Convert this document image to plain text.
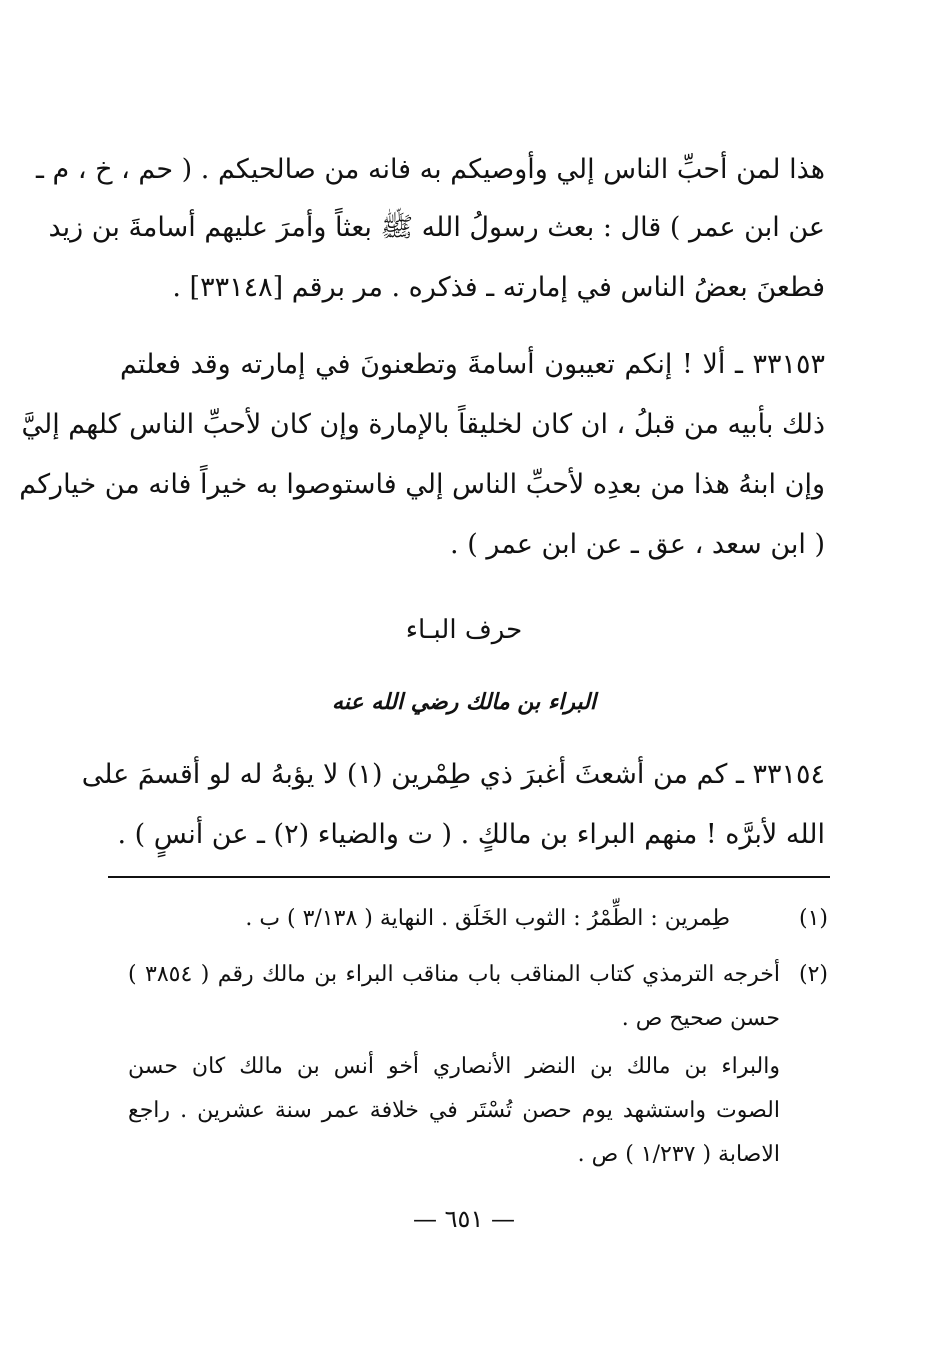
هذا لمن أحبِّ الناس إلي وأوصيكم به فانه من صالحيكم . ( حم ، خ ، م ـ
عن ابن عمر ) قال : بعث رسولُ الله ﷺ بعثاً وأمرَ عليهم أسامةَ بن زيد
فطعنَ بعضُ الناس في إمارته ـ فذكره . مر برقم [٣٣١٤٨] .
٣٣١٥٣ ـ ألا ! إنكم تعيبون أسامةَ وتطعنونَ في إمارته وقد فعلتم
ذلك بأبيه من قبلُ ، ان كان لخليقاً بالإمارة وإن كان لأحبِّ الناس كلهم إليَّ
وإن ابنهُ هذا من بعدِه لأحبِّ الناس إلي فاستوصوا به خيراً فانه من خياركم
( ابن سعد ، عق ـ عن ابن عمر ) .
حرف البـاء
البراء بن مالك رضي الله عنه
٣٣١٥٤ ـ كم من أشعثَ أغبرَ ذي طِمْرين (١) لا يؤبهُ له لو أقسمَ على
الله لأبرَّه ! منهم البراء بن مالكٍ . ( ت والضياء (٢) ـ عن أنسٍ ) .
(١)
طِمرين : الطِّمْرُ : الثوب الخَلَق . النهاية ( ٣/١٣٨ ) ب .
(٢)
أخرجه الترمذي كتاب المناقب باب مناقب البراء بن مالك رقم ( ٣٨٥٤ )
حسن صحيح ص .
والبراء بن مالك بن النضر الأنصاري أخو أنس بن مالك كان حسن
الصوت واستشهد يوم حصن تُسْتَر في خلافة عمر سنة عشرين . راجع
الاصابة ( ١/٢٣٧ ) ص .
— ٦٥١ —
